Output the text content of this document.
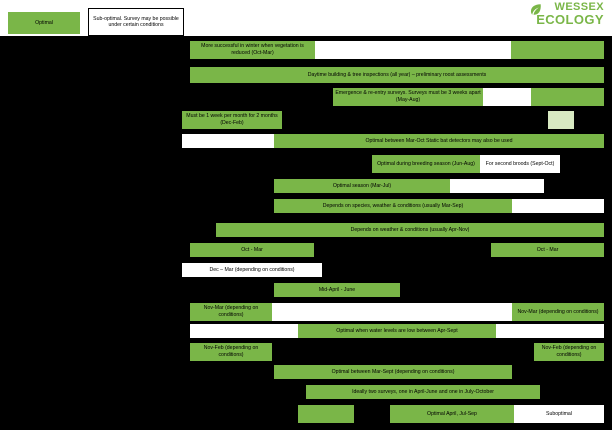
WESSEX
ECOLOGY
Optimal
Sub-optimal. Survey may be possible under certain conditions
More successful in winter when vegetation is reduced (Oct-Mar)
Daytime building & tree inspections (all year) – preliminary roost assessments
Emergence & re-entry surveys. Surveys must be 3 weeks apart (May-Aug)
Must be 1 week per month for 2 months (Dec-Feb)
Optimal between Mar-Oct Static bat detectors may also be used
Optimal during breeding season (Jun-Aug)	For second broods (Sept-Oct)
Optimal season (Mar-Jul)
Depends on species, weather & conditions (usually Mar-Sep)
Depends on weather & conditions (usually Apr-Nov)
Oct - Mar	Oct - Mar
Dec – Mar (depending on conditions)
Mid-April - June
Nov-Mar (depending on conditions)
Nov-Mar (depending on conditions)
Optimal when water levels are low between Apr-Sept
Nov-Feb (depending on conditions)
Nov-Feb (depending on conditions)
Optimal between Mar-Sept (depending on conditions)
Ideally two surveys, one in April-June and one in July-October
Optimal April, Jul-Sep	Suboptimal
